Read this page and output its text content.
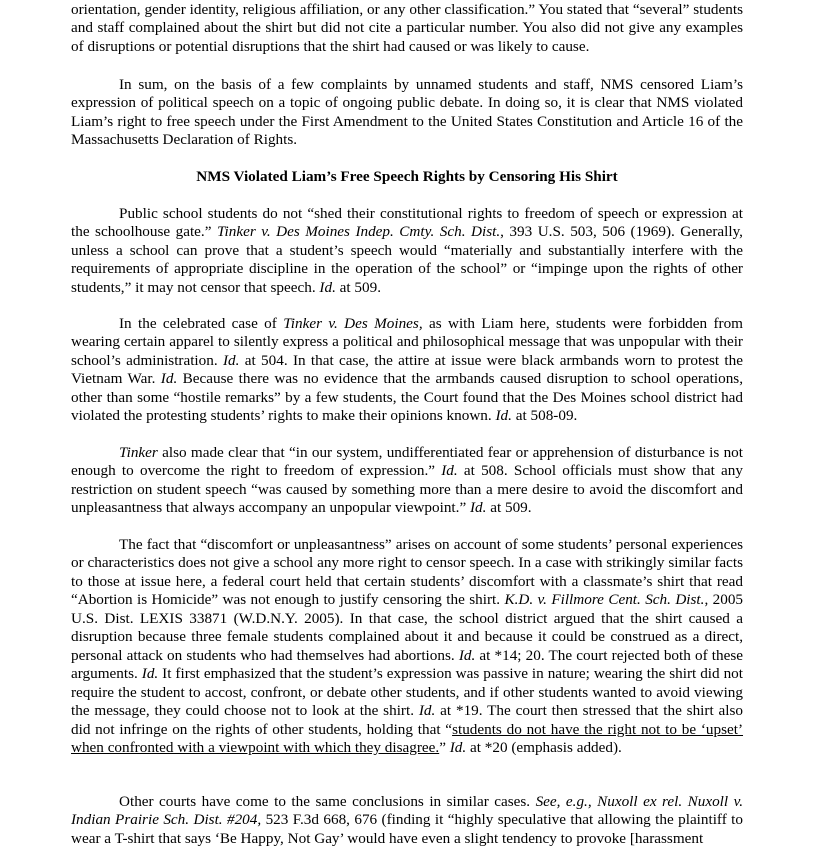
orientation, gender identity, religious affiliation, or any other classification.” You stated that “several” students and staff complained about the shirt but did not cite a particular number. You also did not give any examples of disruptions or potential disruptions that the shirt had caused or was likely to cause.

In sum, on the basis of a few complaints by unnamed students and staff, NMS censored Liam’s expression of political speech on a topic of ongoing public debate. In doing so, it is clear that NMS violated Liam’s right to free speech under the First Amendment to the United States Constitution and Article 16 of the Massachusetts Declaration of Rights.

NMS Violated Liam’s Free Speech Rights by Censoring His Shirt

Public school students do not “shed their constitutional rights to freedom of speech or expression at the schoolhouse gate.” Tinker v. Des Moines Indep. Cmty. Sch. Dist., 393 U.S. 503, 506 (1969). Generally, unless a school can prove that a student’s speech would “materially and substantially interfere with the requirements of appropriate discipline in the operation of the school” or “impinge upon the rights of other students,” it may not censor that speech. Id. at 509.

In the celebrated case of Tinker v. Des Moines, as with Liam here, students were forbidden from wearing certain apparel to silently express a political and philosophical message that was unpopular with their school’s administration. Id. at 504. In that case, the attire at issue were black armbands worn to protest the Vietnam War. Id. Because there was no evidence that the armbands caused disruption to school operations, other than some “hostile remarks” by a few students, the Court found that the Des Moines school district had violated the protesting students’ rights to make their opinions known. Id. at 508-09.

Tinker also made clear that “in our system, undifferentiated fear or apprehension of disturbance is not enough to overcome the right to freedom of expression.” Id. at 508. School officials must show that any restriction on student speech “was caused by something more than a mere desire to avoid the discomfort and unpleasantness that always accompany an unpopular viewpoint.” Id. at 509.

The fact that “discomfort or unpleasantness” arises on account of some students’ personal experiences or characteristics does not give a school any more right to censor speech. In a case with strikingly similar facts to those at issue here, a federal court held that certain students’ discomfort with a classmate’s shirt that read “Abortion is Homicide” was not enough to justify censoring the shirt. K.D. v. Fillmore Cent. Sch. Dist., 2005 U.S. Dist. LEXIS 33871 (W.D.N.Y. 2005). In that case, the school district argued that the shirt caused a disruption because three female students complained about it and because it could be construed as a direct, personal attack on students who had themselves had abortions. Id. at *14; 20. The court rejected both of these arguments. Id. It first emphasized that the student’s expression was passive in nature; wearing the shirt did not require the student to accost, confront, or debate other students, and if other students wanted to avoid viewing the message, they could choose not to look at the shirt. Id. at *19. The court then stressed that the shirt also did not infringe on the rights of other students, holding that “students do not have the right not to be ‘upset’ when confronted with a viewpoint with which they disagree.” Id. at *20 (emphasis added).

Other courts have come to the same conclusions in similar cases. See, e.g., Nuxoll ex rel. Nuxoll v. Indian Prairie Sch. Dist. #204, 523 F.3d 668, 676 (finding it “highly speculative that allowing the plaintiff to wear a T-shirt that says ‘Be Happy, Not Gay’ would have even a slight tendency to provoke [harassment
